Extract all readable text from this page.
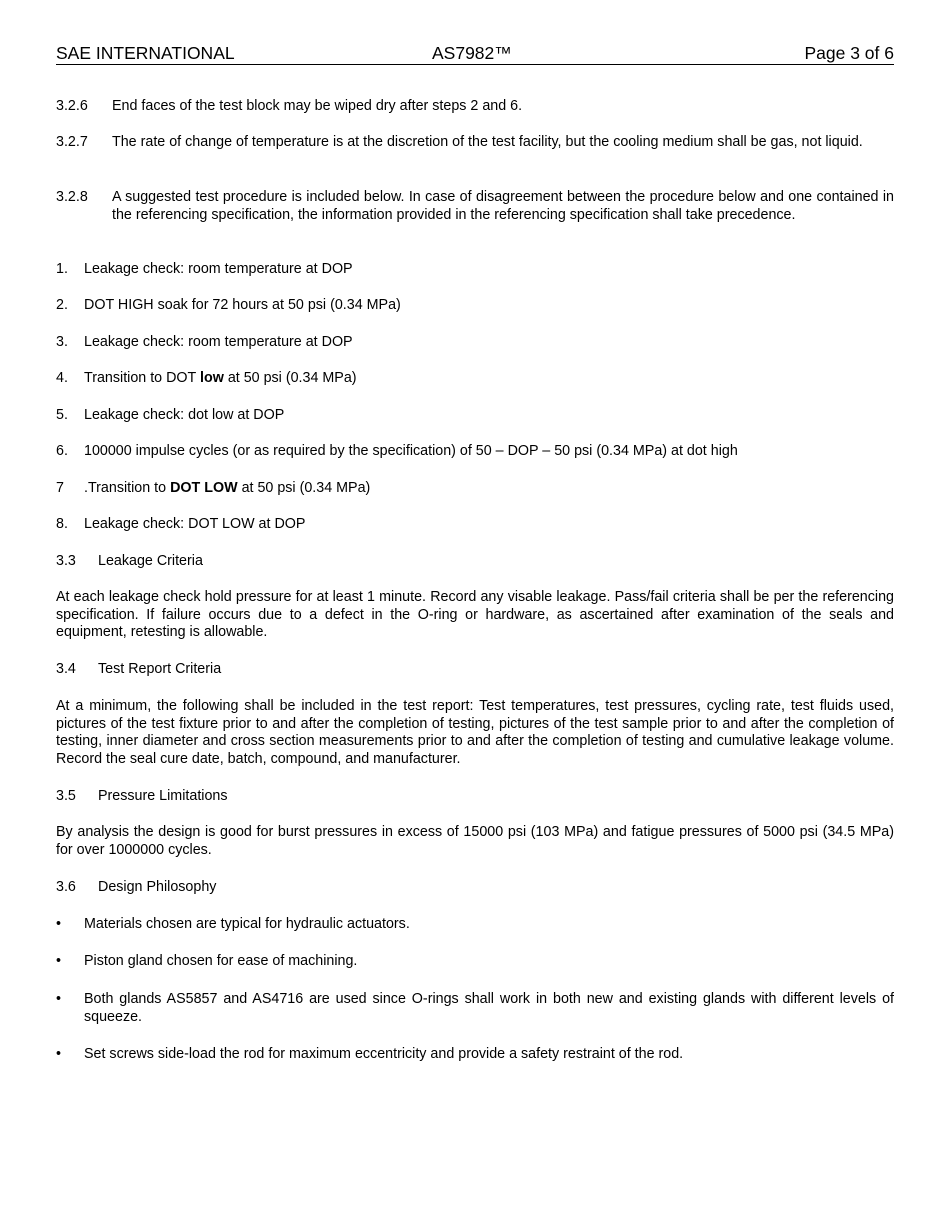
SAE INTERNATIONAL	AS7982™	Page 3 of 6
3.2.6 End faces of the test block may be wiped dry after steps 2 and 6.
3.2.7 The rate of change of temperature is at the discretion of the test facility, but the cooling medium shall be gas, not liquid.
3.2.8 A suggested test procedure is included below. In case of disagreement between the procedure below and one contained in the referencing specification, the information provided in the referencing specification shall take precedence.
1. Leakage check: room temperature at DOP
2. DOT HIGH soak for 72 hours at 50 psi (0.34 MPa)
3. Leakage check: room temperature at DOP
4. Transition to DOT low at 50 psi (0.34 MPa)
5. Leakage check: dot low at DOP
6. 100000 impulse cycles (or as required by the specification) of 50 – DOP – 50 psi (0.34 MPa) at dot high
7 .Transition to DOT LOW at 50 psi (0.34 MPa)
8. Leakage check: DOT LOW at DOP
3.3 Leakage Criteria
At each leakage check hold pressure for at least 1 minute. Record any visable leakage. Pass/fail criteria shall be per the referencing specification. If failure occurs due to a defect in the O-ring or hardware, as ascertained after examination of the seals and equipment, retesting is allowable.
3.4 Test Report Criteria
At a minimum, the following shall be included in the test report: Test temperatures, test pressures, cycling rate, test fluids used, pictures of the test fixture prior to and after the completion of testing, pictures of the test sample prior to and after the completion of testing, inner diameter and cross section measurements prior to and after the completion of testing and cumulative leakage volume. Record the seal cure date, batch, compound, and manufacturer.
3.5 Pressure Limitations
By analysis the design is good for burst pressures in excess of 15000 psi (103 MPa) and fatigue pressures of 5000 psi (34.5 MPa) for over 1000000 cycles.
3.6 Design Philosophy
• Materials chosen are typical for hydraulic actuators.
• Piston gland chosen for ease of machining.
• Both glands AS5857 and AS4716 are used since O-rings shall work in both new and existing glands with different levels of squeeze.
• Set screws side-load the rod for maximum eccentricity and provide a safety restraint of the rod.
